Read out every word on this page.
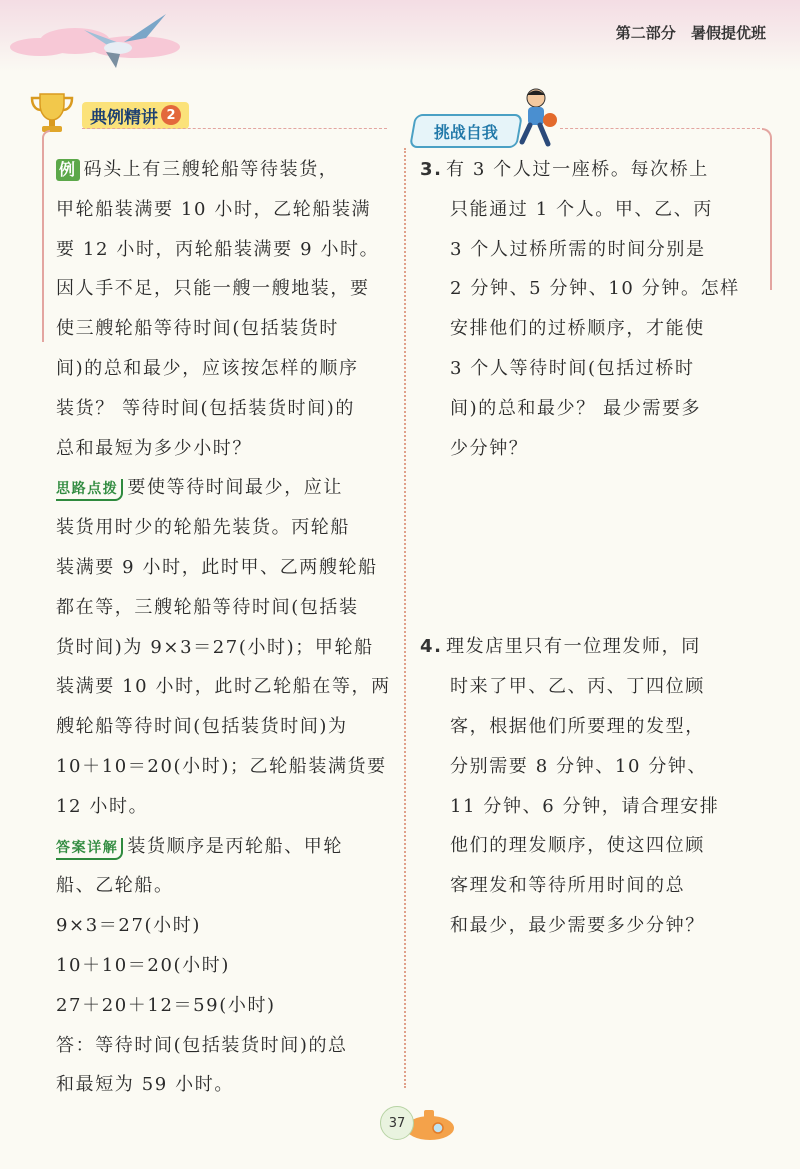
第二部分 暑假提优班
典例精讲 2
挑战自我
例 码头上有三艘轮船等待装货，
甲轮船装满要 10 小时，乙轮船装满
要 12 小时，丙轮船装满要 9 小时。
因人手不足，只能一艘一艘地装，要
使三艘轮船等待时间(包括装货时
间)的总和最少，应该按怎样的顺序
装货？ 等待时间(包括装货时间)的
总和最短为多少小时？
思路点拨 要使等待时间最少，应让
装货用时少的轮船先装货。丙轮船
装满要 9 小时，此时甲、乙两艘轮船
都在等，三艘轮船等待时间(包括装
货时间)为 9×3＝27(小时)；甲轮船
装满要 10 小时，此时乙轮船在等，两
艘轮船等待时间(包括装货时间)为
10＋10＝20(小时)；乙轮船装满货要
12 小时。
答案详解 装货顺序是丙轮船、甲轮
船、乙轮船。
9×3＝27(小时)
10＋10＝20(小时)
27＋20＋12＝59(小时)
答：等待时间(包括装货时间)的总
和最短为 59 小时。
3. 有 3 个人过一座桥。每次桥上
只能通过 1 个人。甲、乙、丙
3 个人过桥所需的时间分别是
2 分钟、5 分钟、10 分钟。怎样
安排他们的过桥顺序，才能使
3 个人等待时间(包括过桥时
间)的总和最少？ 最少需要多
少分钟？
4. 理发店里只有一位理发师，同
时来了甲、乙、丙、丁四位顾
客，根据他们所要理的发型，
分别需要 8 分钟、10 分钟、
11 分钟、6 分钟，请合理安排
他们的理发顺序，使这四位顾
客理发和等待所用时间的总
和最少，最少需要多少分钟？
37
